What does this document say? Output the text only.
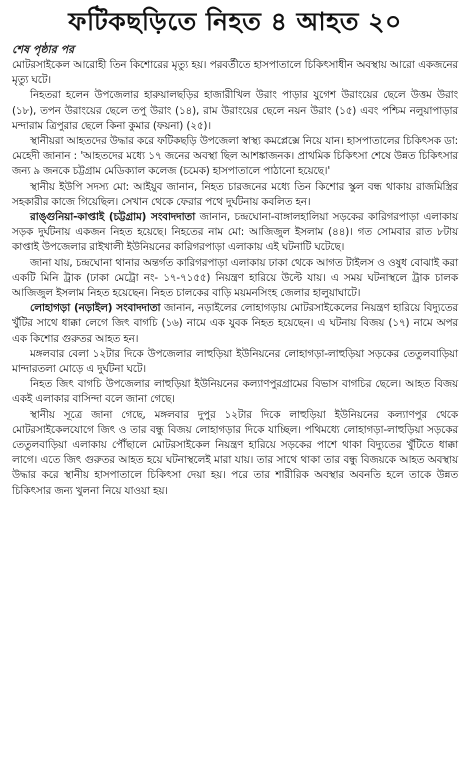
ফটিকছড়িতে নিহত ৪ আহত ২০
শেষ পৃষ্ঠার পর

মোটরসাইকেল আরোহী তিন কিশোরের মৃত্যু হয়। পরবর্তীতে হাসপাতালে চিকিৎসাধীন অবস্থায় আরো একজনের মৃত্যু ঘটে।

নিহতরা হলেন উপজেলার হারুয়ালছড়ির হাজারীখিল উরাং পাড়ার যুগেশ উরাংয়ের ছেলে উত্তম উরাং (১৮), তপন উরাংয়ের ছেলে তপু উরাং (১৪), রাম উরাংয়ের ছেলে নয়ন উরাং (১৫) এবং পশ্চিম নলুয়াপাড়ার মন্দারাম ত্রিপুরার ছেলে কিনা কুমার (ফয়না) (২৫)।

স্থানীয়রা আহতদের উদ্ধার করে ফটিকছড়ি উপজেলা স্বাস্থ্য কমপ্লেক্সে নিয়ে যান। হাসপাতালের চিকিৎসক ডা: মেহেদী জানান : 'আহতদের মধ্যে ১৭ জনের অবস্থা ছিল আশঙ্কাজনক। প্রাথমিক চিকিৎসা শেষে উন্নত চিকিৎসার জন্য ৯ জনকে চট্টগ্রাম মেডিক্যাল কলেজ (চমেক) হাসপাতালে পাঠানো হয়েছে।'

স্থানীয় ইউপি সদস্য মো: আইয়ুব জানান, নিহত চারজনের মধ্যে তিন কিশোর স্কুল বন্ধ থাকায় রাজমিস্ত্রির সহকারীর কাজে গিয়েছিল। সেখান থেকে ফেরার পথে দুর্ঘটনায় কবলিত হন।

রাঙ্গুনিয়া-কাপ্তাই (চট্টগ্রাম) সংবাদদাতা জানান, চন্দ্রঘোনা-বাঙ্গালহালিয়া সড়কের কারিগরপাড়া এলাকায় সড়ক দুর্ঘটনায় একজন নিহত হয়েছে। নিহতের নাম মো: আজিজুল ইসলাম (৪৪)। গত সোমবার রাত ৮টায় কাপ্তাই উপজেলার রাইখালী ইউনিয়নের কারিগরপাড়া এলাকায় এই ঘটনাটি ঘটেছে।

জানা যায়, চন্দ্রঘোনা থানার অন্তর্গত কারিগরপাড়া এলাকায় ঢাকা থেকে আগত টাইলস ও ওষুধ বোঝাই করা একটি মিনি ট্রাক (ঢাকা মেট্রো নং- ১৭-৭১৫৫) নিয়ন্ত্রণ হারিয়ে উল্টে যায়। এ সময় ঘটনাস্থলে ট্রাক চালক আজিজুল ইসলাম নিহত হয়েছেন। নিহত চালকের বাড়ি ময়মনসিংহ জেলার হালুয়াঘাটে।

লোহাগড়া (নড়াইল) সংবাদদাতা জানান, নড়াইলের লোহাগড়ায় মোটরসাইকেলের নিয়ন্ত্রণ হারিয়ে বিদ্যুতের খুঁটির সাথে ধাক্কা লেগে জিৎ বাগচি (১৬) নামে এক যুবক নিহত হয়েছেন। এ ঘটনায় বিজয় (১৭) নামে অপর এক কিশোর গুরুতর আহত হন।

মঙ্গলবার বেলা ১২টার দিকে উপজেলার লাহুড়িয়া ইউনিয়নের লোহাগড়া-লাহুড়িয়া সড়কের তেতুলবাড়িয়া মান্দারতলা মোড়ে এ দুর্ঘটনা ঘটে।

নিহত জিৎ বাগচি উপজেলার লাহুড়িয়া ইউনিয়নের কল্যাণপুরগ্রামের বিভাস বাগচির ছেলে। আহত বিজয় একই এলাকার বাসিন্দা বলে জানা গেছে।

স্থানীয় সূত্রে জানা গেছে, মঙ্গলবার দুপুর ১২টার দিকে লাহুড়িয়া ইউনিয়নের কল্যাণপুর থেকে মোটরসাইকেলযোগে জিৎ ও তার বন্ধু বিজয় লোহাগড়ার দিকে যাচ্ছিল। পথিমধ্যে লোহাগড়া-লাহুড়িয়া সড়কের তেতুলবাড়িয়া এলাকায় পৌঁছালে মোটরসাইকেল নিয়ন্ত্রণ হারিয়ে সড়কের পাশে থাকা বিদ্যুতের খুঁটিতে ধাক্কা লাগে। এতে জিৎ গুরুতর আহত হয়ে ঘটনাস্থলেই মারা যায়। তার সাথে থাকা তার বন্ধু বিজয়কে আহত অবস্থায় উদ্ধার করে স্থানীয় হাসপাতালে চিকিৎসা দেয়া হয়। পরে তার শারীরিক অবস্থার অবনতি হলে তাকে উন্নত চিকিৎসার জন্য খুলনা নিয়ে যাওয়া হয়।
